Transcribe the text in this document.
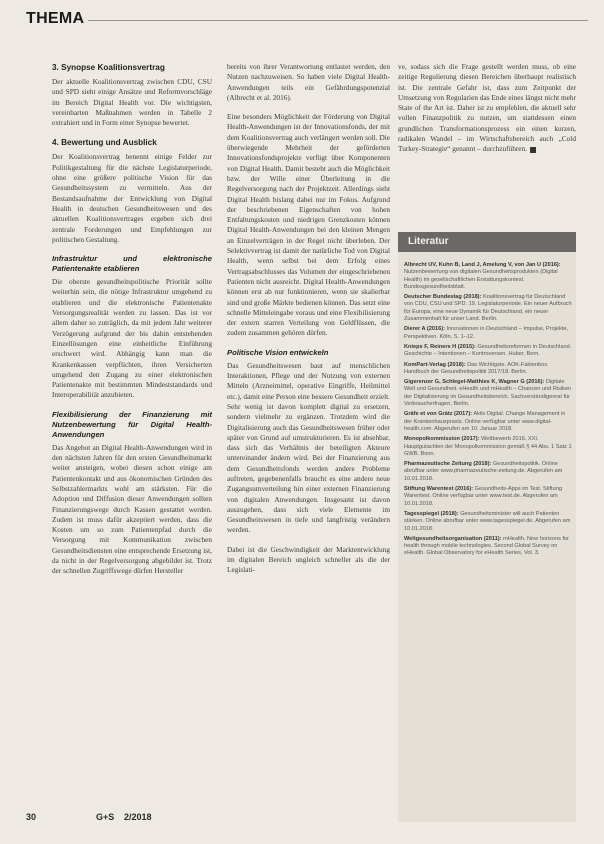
THEMA
3. Synopse Koalitionsvertrag

Der aktuelle Koalitionsvertrag zwischen CDU, CSU und SPD sieht einige Ansätze und Reformvorschläge im Bereich Digital Health vor. Die wichtigsten, vereinbarten Maßnahmen werden in Tabelle 2 extrahiert und in Form einer Synopse bewertet.

4. Bewertung und Ausblick

Der Koalitionsvertrag benennt einige Felder zur Politikgestaltung für die nächste Legislaturperiode, ohne eine größere politische Vision für das Gesundheitssystem zu vermitteln. Aus der Bestandsaufnahme der Entwicklung von Digital Health in deutschen Gesundheitswesen und des aktuellen Koalitionsvertrages ergeben sich drei zentrale Forderungen und Empfehlungen zur politischen Gestaltung.

Infrastruktur und elektronische Patientenakte etablieren

Die oberste gesundheitspolitische Priorität sollte weiterhin sein, die nötige Infrastruktur umgehend zu etablieren und die elektronische Patientenakte Versorgungsrealität werden zu lassen. Das ist vor allem daher so zuträglich, da mit jedem Jahr weiterer Verzögerung aufgrund der bis dahin entstehenden Einzellösungen eine einheitliche Einführung erschwert wird. Abhängig kann man die Krankenkassen verpflichten, ihren Versicherten umgehend den Zugang zu einer elektronischen Patientenakte mit bestimmten Mindeststandards und Interoperabilität anzubieten.

Flexibilisierung der Finanzierung mit Nutzenbewertung für Digital Health-Anwendungen

Das Angebot an Digital Health-Anwendungen wird in den nächsten Jahren für den ersten Gesundheitsmarkt weiter ansteigen, wobei diesen schon einige am Patientenkontakt und aus ökonomischen Gründen des Selbstzahlermarkts wohl am stärksten. Für die Adoption und Diffusion dieser Anwendungen sollten Finanzierungswege durch Kassen gestattet werden. Zudem ist muss dafür akzeptiert werden, dass die Kosten um so zum Patientenpfad durch die Versorgung mit Kommunikation zwischen Gesundheitsdiensten eine entsprechende Ersetzung ist, da nicht in der Regelversorgung abgebildet ist. Trotz der schnellen Zugriffswege dürfen Hersteller

bereits von ihrer Verantwortung entlastet werden, den Nutzen nachzuweisen. So haben viele Digital Health-Anwendungen teils ein Gefährdungspotenzial (Albrecht et al. 2016).

Eine besonders Möglichkeit der Förderung von Digital Health-Anwendungen ist der Innovationsfonds, der mit dem Koalitionsvertrag auch verlängert werden soll. Die überwiegende Mehrheit der geförderten Innovationsfondsprojekte verfügt über Komponenten von Digital Health. Damit besteht auch die Möglichkeit bzw. der Wille einer Überleitung in die Regelversorgung nach der Projektzeit. Allerdings sieht Digital Health bislang dabei nur im Fokus. Aufgrund der beschriebenen Eigenschaften von hohen Entfaltungskosten und niedrigen Grenzkosten können Digital Health-Anwendungen bei den kleinen Mengen an Einzelverträgen in der Regel nicht überleben. Der Selektivvertrag ist damit der natürliche Tod von Digital Health, wenn selbst bei dem Erfolg eines Vertragsabschlusses das Volumen der eingeschriebenen Patienten nicht ausreicht. Digital Health-Anwendungen können erst ab nur funktionieren, wenn sie skalierbar sind und große Märkte bedienen können. Das setzt eine schnelle Mitteleingabe voraus und eine Flexibilisierung der extern starren Verteilung von Geldflüssen, die zudem zusammen gehören dürfen.

Politische Vision entwickeln

Das Gesundheitswesen baut auf menschlichen Interaktionen, Pflege und der Nutzung von externen Mitteln (Arzneimittel, operative Eingriffe, Heilmittel etc.), damit eine Person eine bessere Gesundheit erzielt. Sehr wenig ist davon komplett digital zu ersetzen, sondern vielmehr zu ergänzen. Trotzdem wird die Digitalisierung auch das Gesundheitswesen früher oder später von Grund auf umstrukturieren. Es ist absehbar, dass sich das Verhältnis der beteiligten Akteure untereinander ändern wird. Bei der Finanzierung aus dem Gesundheitsfonds werden andere Probleme auftreten, gegebenenfalls braucht es eine andere neue Zugangsumverteilung hin einer externen Finanzierung von digitalen Anwendungen. Insgesamt ist davon auszugehen, dass sich viele Elemente im Gesundheitswesen in tiefe und langfristig verändern werden.

Dabei ist die Geschwindigkeit der Marktentwicklung im digitalen Bereich ungleich schneller als die der Legislati-

ve, sodass sich die Frage gestellt werden muss, ob eine zeitige Regulierung diesen Bereichen überhaupt realistisch ist. Die zentrale Gefahr ist, dass zum Zeitpunkt der Umsetzung von Regularien das Ende eines längst nicht mehr State of the Art ist. Daher ist zu empfehlen, die aktuell sehr vollen Finanzpolitik zu nutzen, um stattdessen einen grundlichen Transformationsprozess ein einen kurzen, radikalen Wandel – im Wirtschaftsbereich auch „Cold Turkey-Strategie“ genannt – durchzuführen.

Literatur
Albrecht UV, Kuhn B, Land J, Amelung V, von Jan U (2016): Nutzenbewertung von digitalen Gesundheitsprodukten (Digital Health) im gesellschaftlichen Erstattungskontext. Bundesgesundheitsblatt.
Deutscher Bundestag (2018): Koalitionsvertrag für Deutschland von CDU, CSU und SPD. 19. Legislaturperiode. Ein neuer Aufbruch für Europa, eine neue Dynamik für Deutschland, ein neuer Zusammenhalt für unser Land. Berlin.
Dierer A (2016): Innovationen in Deutschland – Impulse, Projekte, Perspektiven. Köln, S. 1–12.
Knieps F, Reiners H (2015): Gesundheitsreformen in Deutschland. Geschichte – Intentionen – Kontroversen. Huber, Bern.
KomPart-Verlag (2018): Das Wichtigste. AOK-Faktenbox. Handbuch der Gesundheitspolitik 2017/18. Berlin.
Gigerenzer G, Schlegel-Matthies K, Wagner G (2016): Digitale Welt und Gesundheit. eHealth und mHealth – Chancen und Risiken der Digitalisierung im Gesundheitsbereich. Sachverständigenrat für Verbraucherfragen, Berlin.
Gräfe et von Grätz (2017): Aktiv Digital. Change Management in der Krankenhauspraxis. Online verfügbar unter www.digital-health.com. Abgerufen am 10. Januar 2018.
Monopolkommission (2017): Wettbewerb 2016. XXI. Hauptgutachten der Monopolkommission gemäß § 44 Abs. 1 Satz 1 GWB. Bonn.
Pharmazeutische Zeitung (2018): Gesundheitspolitik. Online abrufbar unter www.pharmazeutische-zeitung.de. Abgerufen am 10.01.2018.
Stiftung Warentest (2016): Gesundheits-Apps im Test. Stiftung Warentest. Online verfügbar unter www.test.de. Abgerufen am 10.01.2018.
Tagesspiegel (2018): Gesundheitsminister will auch Patienten stärken. Online abrufbar unter www.tagesspiegel.de. Abgerufen am 10.01.2018.
Weltgesundheitsorganisation (2011): mHealth. New horizons for health through mobile technologies. Second Global Survey on eHealth. Global Observatory for eHealth Series, Vol. 3.
30	G+S 2/2018
